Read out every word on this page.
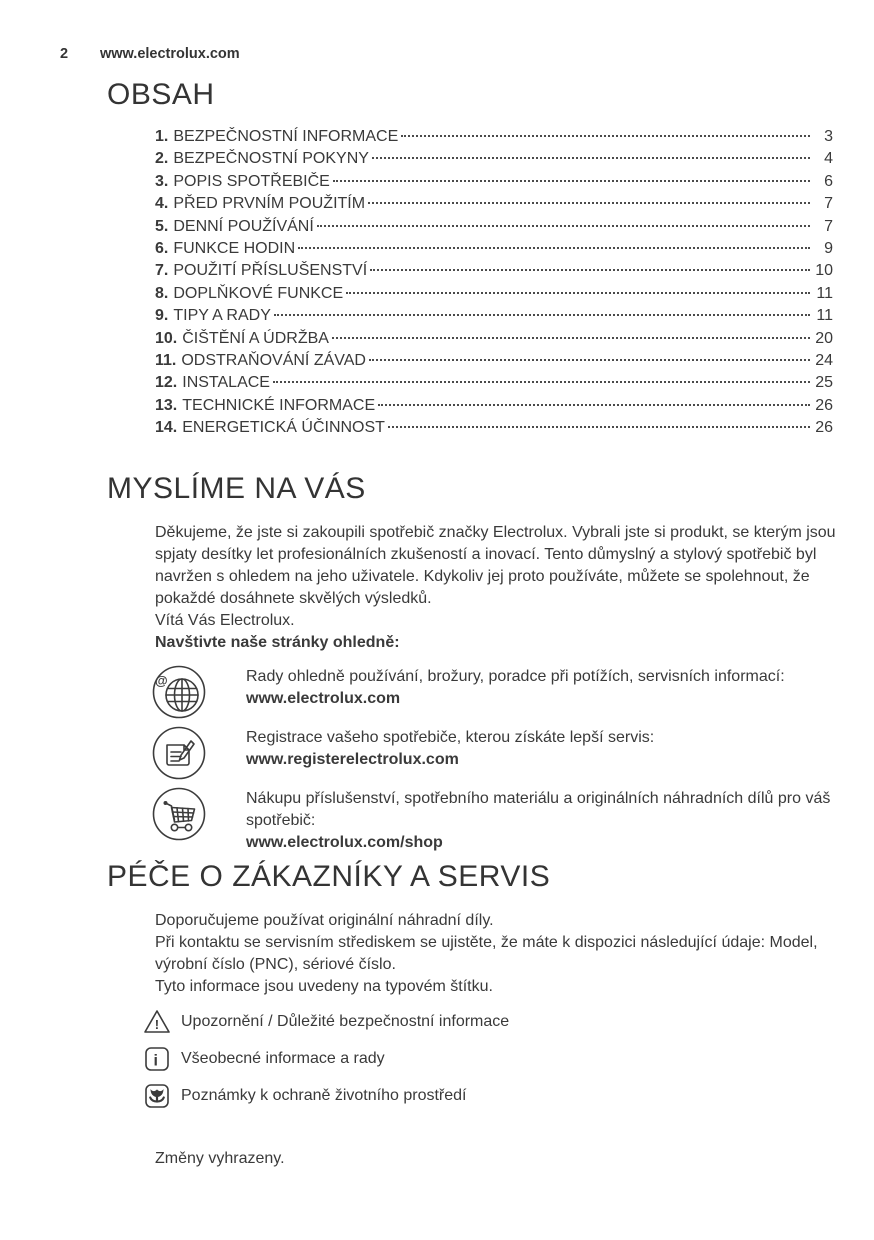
2	www.electrolux.com
OBSAH
1. BEZPEČNOSTNÍ INFORMACE	3
2. BEZPEČNOSTNÍ POKYNY	4
3. POPIS SPOTŘEBIČE	6
4. PŘED PRVNÍM POUŽITÍM	7
5. DENNÍ POUŽÍVÁNÍ	7
6. FUNKCE HODIN	9
7. POUŽITÍ PŘÍSLUŠENSTVÍ	10
8. DOPLŇKOVÉ FUNKCE	11
9. TIPY A RADY	11
10. ČIŠTĚNÍ A ÚDRŽBA	20
11. ODSTRAŇOVÁNÍ ZÁVAD	24
12. INSTALACE	25
13. TECHNICKÉ INFORMACE	26
14. ENERGETICKÁ ÚČINNOST	26
MYSLÍME NA VÁS

Děkujeme, že jste si zakoupili spotřebič značky Electrolux. Vybrali jste si produkt, se kterým jsou spjaty desítky let profesionálních zkušeností a inovací. Tento důmyslný a stylový spotřebič byl navržen s ohledem na jeho uživatele. Kdykoliv jej proto používáte, můžete se spolehnout, že pokaždé dosáhnete skvělých výsledků.

Vítá Vás Electrolux.

Navštivte naše stránky ohledně:

@	Rady ohledně používání, brožury, poradce při potížích, servisních informací:

www.electrolux.com

Registrace vašeho spotřebiče, kterou získáte lepší servis:

www.registerelectrolux.com

Nákupu příslušenství, spotřebního materiálu a originálních náhradních dílů pro váš spotřebič:

www.electrolux.com/shop

PÉČE O ZÁKAZNÍKY A SERVIS

Doporučujeme používat originální náhradní díly.

Při kontaktu se servisním střediskem se ujistěte, že máte k dispozici následující údaje: Model, výrobní číslo (PNC), sériové číslo.

Tyto informace jsou uvedeny na typovém štítku.

! Upozornění / Důležité bezpečnostní informace
i Všeobecné informace a rady
Poznámky k ochraně životního prostředí
Změny vyhrazeny.
